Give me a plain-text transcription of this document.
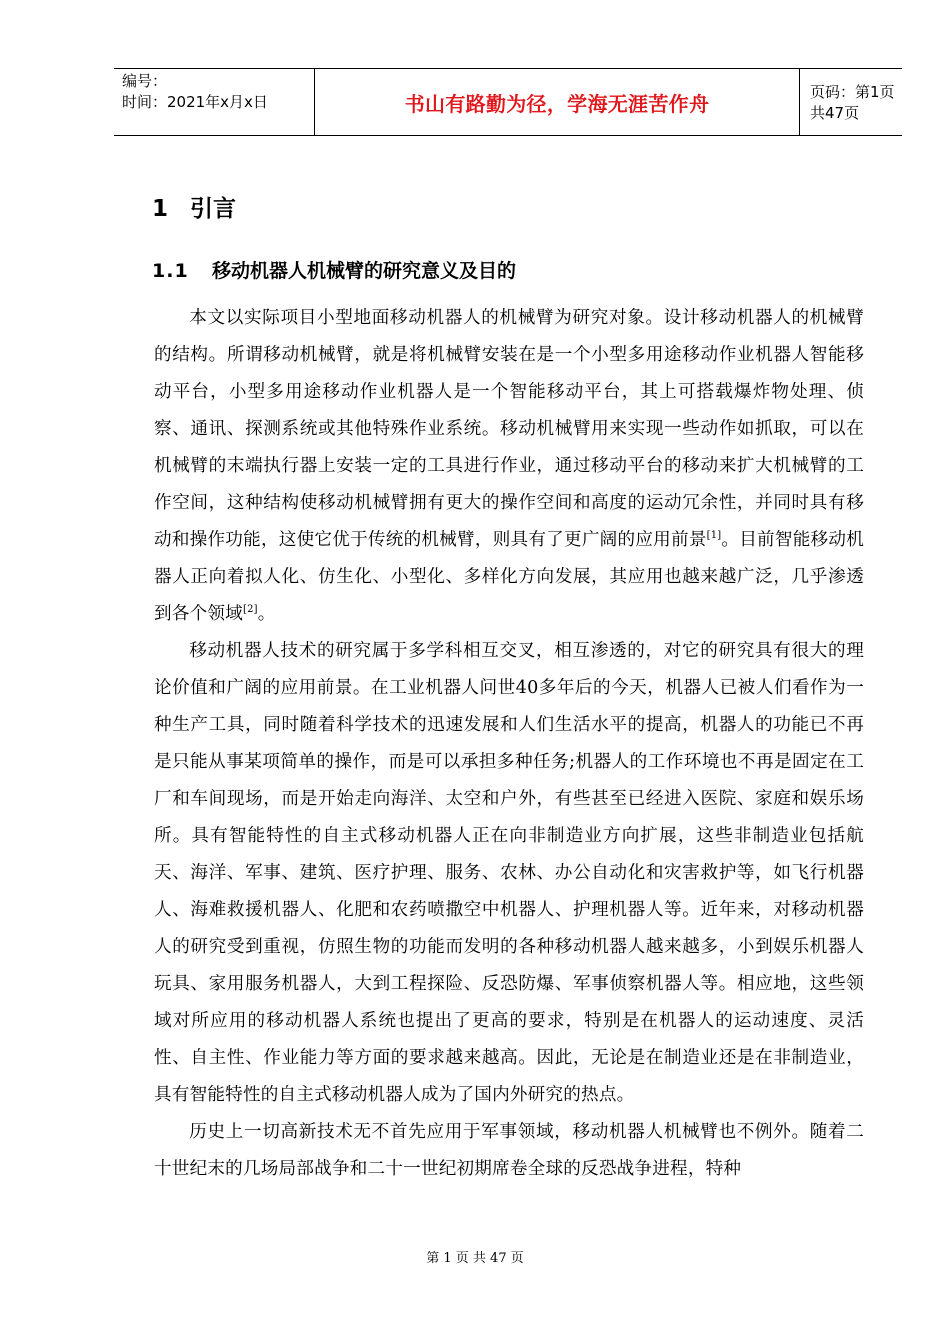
编号：
时间：2021年x月x日	书山有路勤为径，学海无涯苦作舟	页码：第1页 共47页
1 引言
1.1 移动机器人机械臂的研究意义及目的

本文以实际项目小型地面移动机器人的机械臂为研究对象。设计移动机器人的机械臂的结构。所谓移动机械臂，就是将机械臂安装在是一个小型多用途移动作业机器人智能移动平台，小型多用途移动作业机器人是一个智能移动平台，其上可搭载爆炸物处理、侦察、通讯、探测系统或其他特殊作业系统。移动机械臂用来实现一些动作如抓取，可以在机械臂的末端执行器上安装一定的工具进行作业，通过移动平台的移动来扩大机械臂的工作空间，这种结构使移动机械臂拥有更大的操作空间和高度的运动冗余性，并同时具有移动和操作功能，这使它优于传统的机械臂，则具有了更广阔的应用前景[1]。目前智能移动机器人正向着拟人化、仿生化、小型化、多样化方向发展，其应用也越来越广泛，几乎渗透到各个领域[2]。

移动机器人技术的研究属于多学科相互交叉，相互渗透的，对它的研究具有很大的理论价值和广阔的应用前景。在工业机器人问世40多年后的今天，机器人已被人们看作为一种生产工具，同时随着科学技术的迅速发展和人们生活水平的提高，机器人的功能已不再是只能从事某项简单的操作，而是可以承担多种任务;机器人的工作环境也不再是固定在工厂和车间现场，而是开始走向海洋、太空和户外，有些甚至已经进入医院、家庭和娱乐场所。具有智能特性的自主式移动机器人正在向非制造业方向扩展，这些非制造业包括航天、海洋、军事、建筑、医疗护理、服务、农林、办公自动化和灾害救护等，如飞行机器人、海难救援机器人、化肥和农药喷撒空中机器人、护理机器人等。近年来，对移动机器人的研究受到重视，仿照生物的功能而发明的各种移动机器人越来越多，小到娱乐机器人玩具、家用服务机器人，大到工程探险、反恐防爆、军事侦察机器人等。相应地，这些领域对所应用的移动机器人系统也提出了更高的要求，特别是在机器人的运动速度、灵活性、自主性、作业能力等方面的要求越来越高。因此，无论是在制造业还是在非制造业，具有智能特性的自主式移动机器人成为了国内外研究的热点。

历史上一切高新技术无不首先应用于军事领域，移动机器人机械臂也不例外。随着二十世纪末的几场局部战争和二十一世纪初期席卷全球的反恐战争进程，特种

第 1 页 共 47 页
